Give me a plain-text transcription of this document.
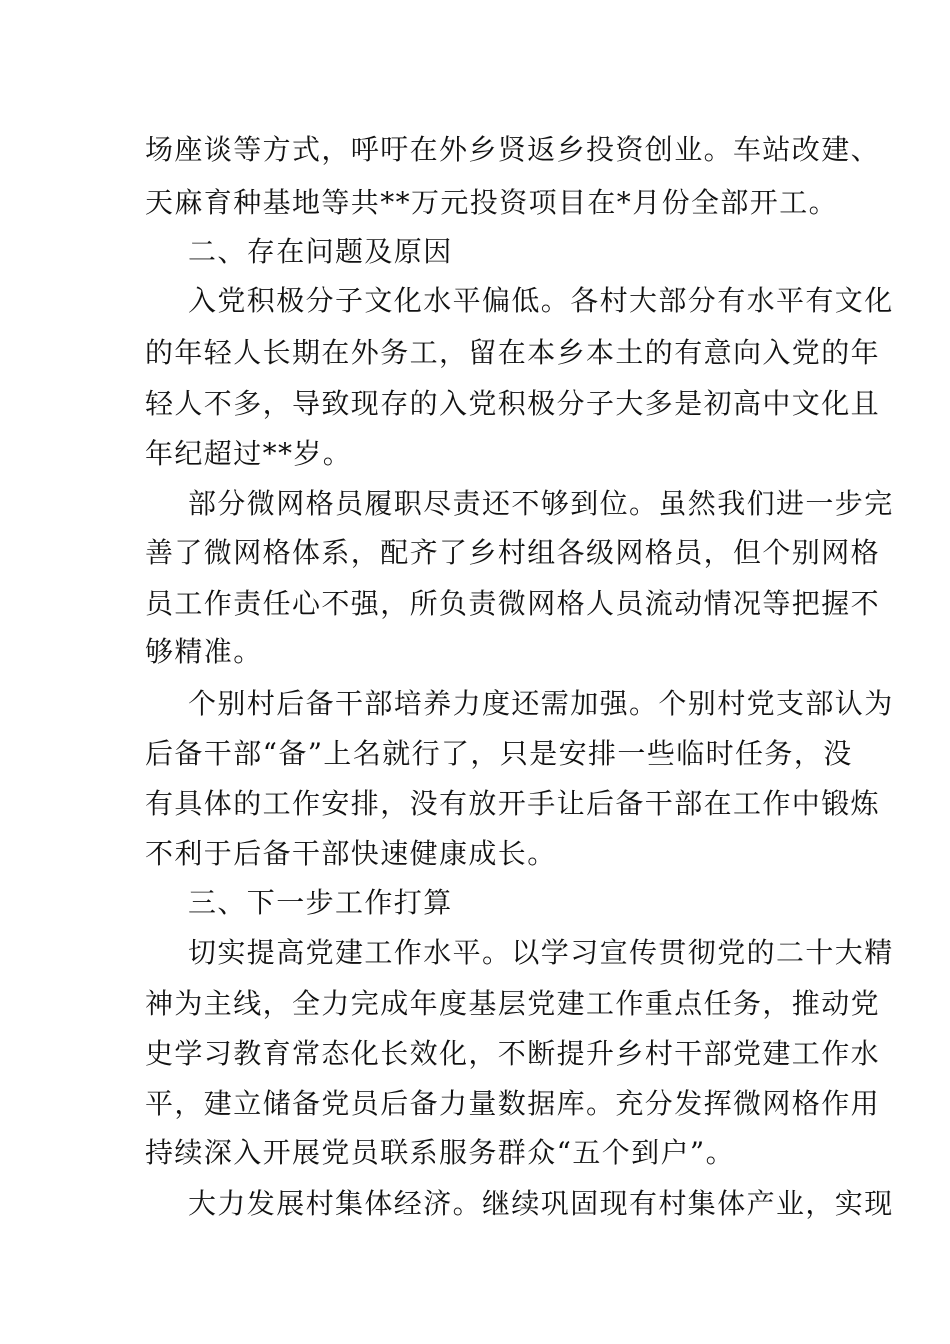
场座谈等方式，呼吁在外乡贤返乡投资创业。车站改建、
天麻育种基地等共**万元投资项目在*月份全部开工。
二、存在问题及原因
入党积极分子文化水平偏低。各村大部分有水平有文化
的年轻人长期在外务工，留在本乡本土的有意向入党的年
轻人不多，导致现存的入党积极分子大多是初高中文化且
年纪超过**岁。
部分微网格员履职尽责还不够到位。虽然我们进一步完
善了微网格体系，配齐了乡村组各级网格员，但个别网格
员工作责任心不强，所负责微网格人员流动情况等把握不
够精准。
个别村后备干部培养力度还需加强。个别村党支部认为
后备干部“备”上名就行了，只是安排一些临时任务，没
有具体的工作安排，没有放开手让后备干部在工作中锻炼
不利于后备干部快速健康成长。
三、下一步工作打算
切实提高党建工作水平。以学习宣传贯彻党的二十大精
神为主线，全力完成年度基层党建工作重点任务，推动党
史学习教育常态化长效化，不断提升乡村干部党建工作水
平，建立储备党员后备力量数据库。充分发挥微网格作用
持续深入开展党员联系服务群众“五个到户”。
大力发展村集体经济。继续巩固现有村集体产业，实现
